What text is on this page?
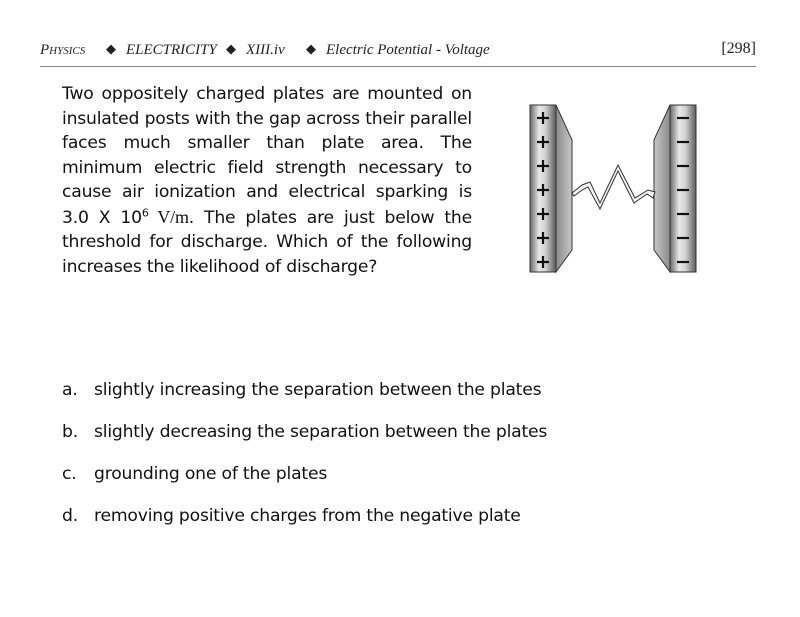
Physics ◆ ELECTRICITY ◆ XIII.iv ◆ Electric Potential - Voltage	[298]
Two oppositely charged plates are mounted on insulated posts with the gap across their parallel faces much smaller than plate area. The minimum electric field strength necessary to cause air ionization and electrical sparking is 3.0 X $10^6$ V/m. The plates are just below the threshold for discharge. Which of the following increases the likelihood of discharge?
a. slightly increasing the separation between the plates
b. slightly decreasing the separation between the plates
c. grounding one of the plates
d. removing positive charges from the negative plate
